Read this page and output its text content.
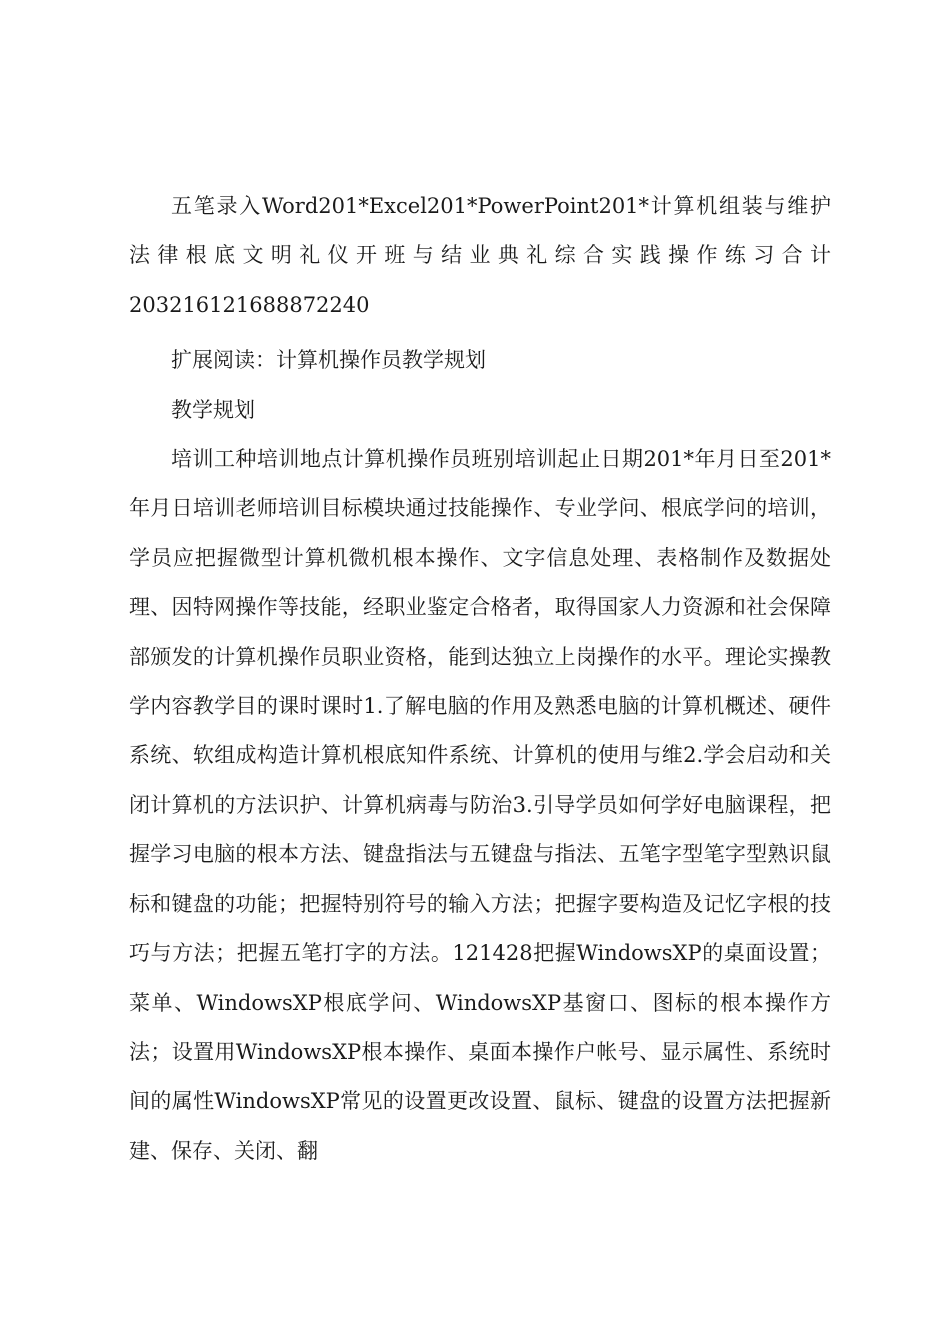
五笔录入Word201*Excel201*PowerPoint201*计算机组装与维护法律根底文明礼仪开班与结业典礼综合实践操作练习合计203216121688872240

扩展阅读：计算机操作员教学规划

教学规划

培训工种培训地点计算机操作员班别培训起止日期201*年月日至201*年月日培训老师培训目标模块通过技能操作、专业学问、根底学问的培训，学员应把握微型计算机微机根本操作、文字信息处理、表格制作及数据处理、因特网操作等技能，经职业鉴定合格者，取得国家人力资源和社会保障部颁发的计算机操作员职业资格，能到达独立上岗操作的水平。理论实操教学内容教学目的课时课时1.了解电脑的作用及熟悉电脑的计算机概述、硬件系统、软组成构造计算机根底知件系统、计算机的使用与维2.学会启动和关闭计算机的方法识护、计算机病毒与防治3.引导学员如何学好电脑课程，把握学习电脑的根本方法、键盘指法与五键盘与指法、五笔字型笔字型熟识鼠标和键盘的功能；把握特别符号的输入方法；把握字要构造及记忆字根的技巧与方法；把握五笔打字的方法。121428把握WindowsXP的桌面设置；菜单、WindowsXP根底学问、WindowsXP基窗口、图标的根本操作方法；设置用WindowsXP根本操作、桌面本操作户帐号、显示属性、系统时间的属性WindowsXP常见的设置更改设置、鼠标、键盘的设置方法把握新建、保存、关闭、翻
